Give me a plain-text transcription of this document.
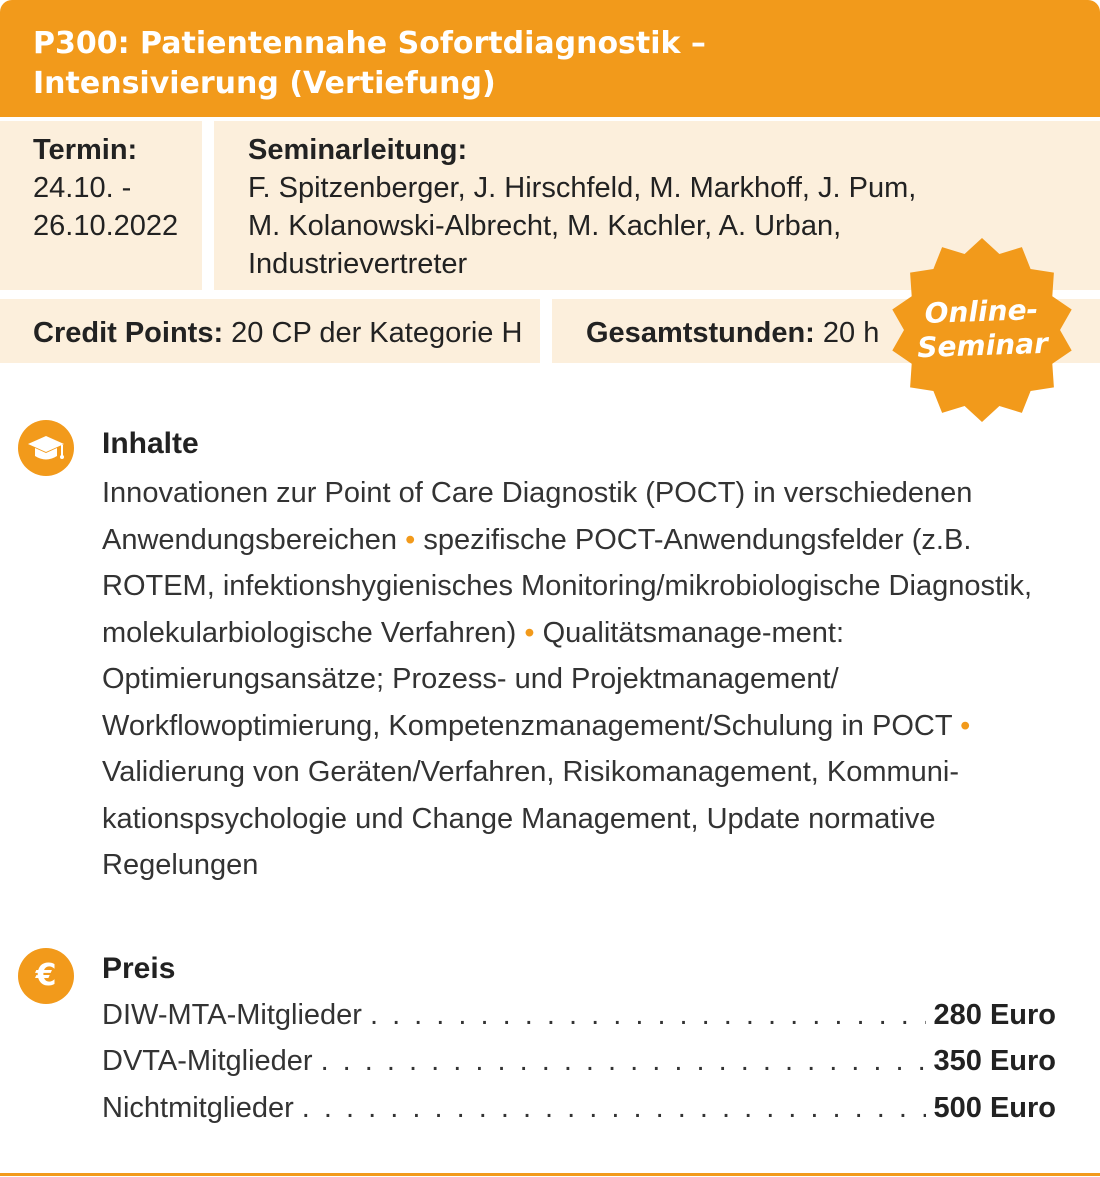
P300: Patientennahe Sofortdiagnostik –
Intensivierung (Vertiefung)
Termin:
24.10. -
26.10.2022
Seminarleitung:
F. Spitzenberger, J. Hirschfeld, M. Markhoff, J. Pum,
M. Kolanowski-Albrecht, M. Kachler, A. Urban,
Industrievertreter
Credit Points: 20 CP der Kategorie H Gesamtstunden: 20 h
Online-
Seminar
Inhalte
Innovationen zur Point of Care Diagnostik (POCT) in verschiedenen Anwendungsbereichen • spezifische POCT-Anwendungsfelder (z.B. ROTEM, infektionshygienisches Monitoring/mikrobiologische Diagnostik, molekularbiologische Verfahren) • Qualitätsmanage-ment: Optimierungsansätze; Prozess- und Projektmanagement/ Workflowoptimierung, Kompetenzmanagement/Schulung in POCT • Validierung von Geräten/Verfahren, Risikomanagement, Kommuni-kationspsychologie und Change Management, Update normative Regelungen
€	Preis
DIW-MTA-Mitglieder . . .	280 Euro
DVTA-Mitglieder . . .	350 Euro
Nichtmitglieder . . .	500 Euro
